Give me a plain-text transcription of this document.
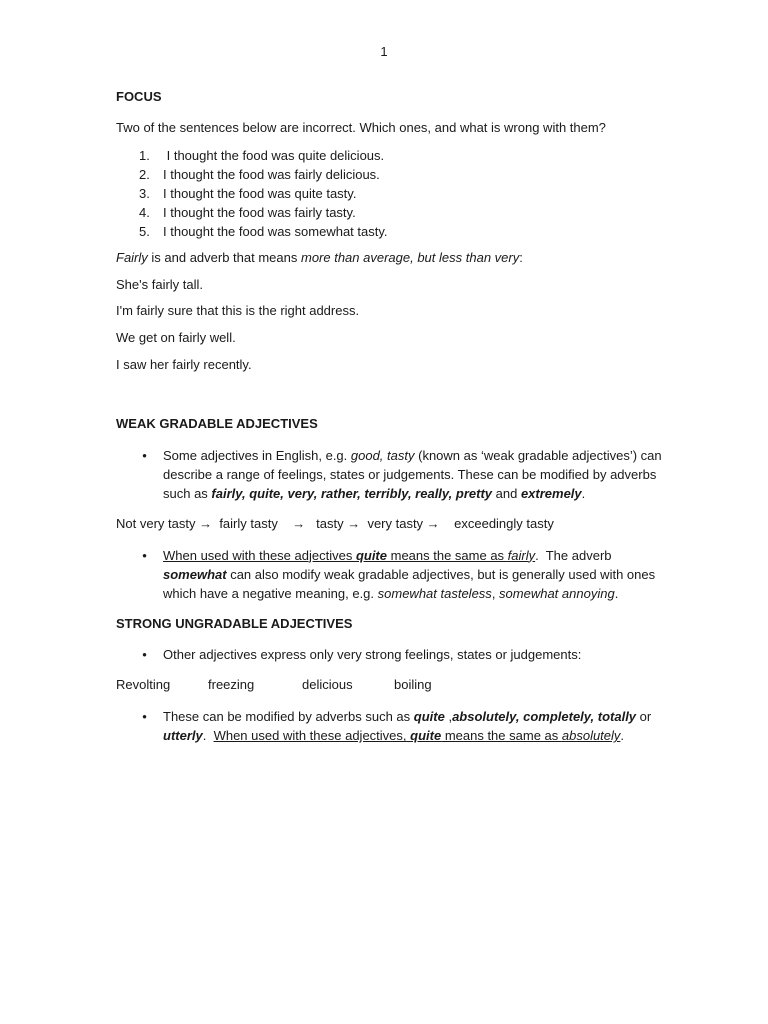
1

FOCUS

Two of the sentences below are incorrect. Which ones, and what is wrong with them?

1.	I thought the food was quite delicious.
2.	I thought the food was fairly delicious.
3.	I thought the food was quite tasty.
4.	I thought the food was fairly tasty.
5.	I thought the food was somewhat tasty.

Fairly is and adverb that means more than average, but less than very:

She's fairly tall.

I'm fairly sure that this is the right address.

We get on fairly well.

I saw her fairly recently.

WEAK GRADABLE ADJECTIVES

•	Some adjectives in English, e.g. good, tasty (known as ‘weak gradable adjectives’) can describe a range of feelings, states or judgements. These can be modified by adverbs such as fairly, quite, very, rather, terribly, really, pretty and extremely.

Not very tasty → fairly tasty → tasty → very tasty → exceedingly tasty

•	When used with these adjectives quite means the same as fairly.  The adverb somewhat can also modify weak gradable adjectives, but is generally used with ones which have a negative meaning, e.g. somewhat tasteless, somewhat annoying.

STRONG UNGRADABLE ADJECTIVES

•	Other adjectives express only very strong feelings, states or judgements:

Revolting	freezing	delicious	boiling

•	These can be modified by adverbs such as quite ,absolutely, completely, totally or utterly.  When used with these adjectives, quite means the same as absolutely.
